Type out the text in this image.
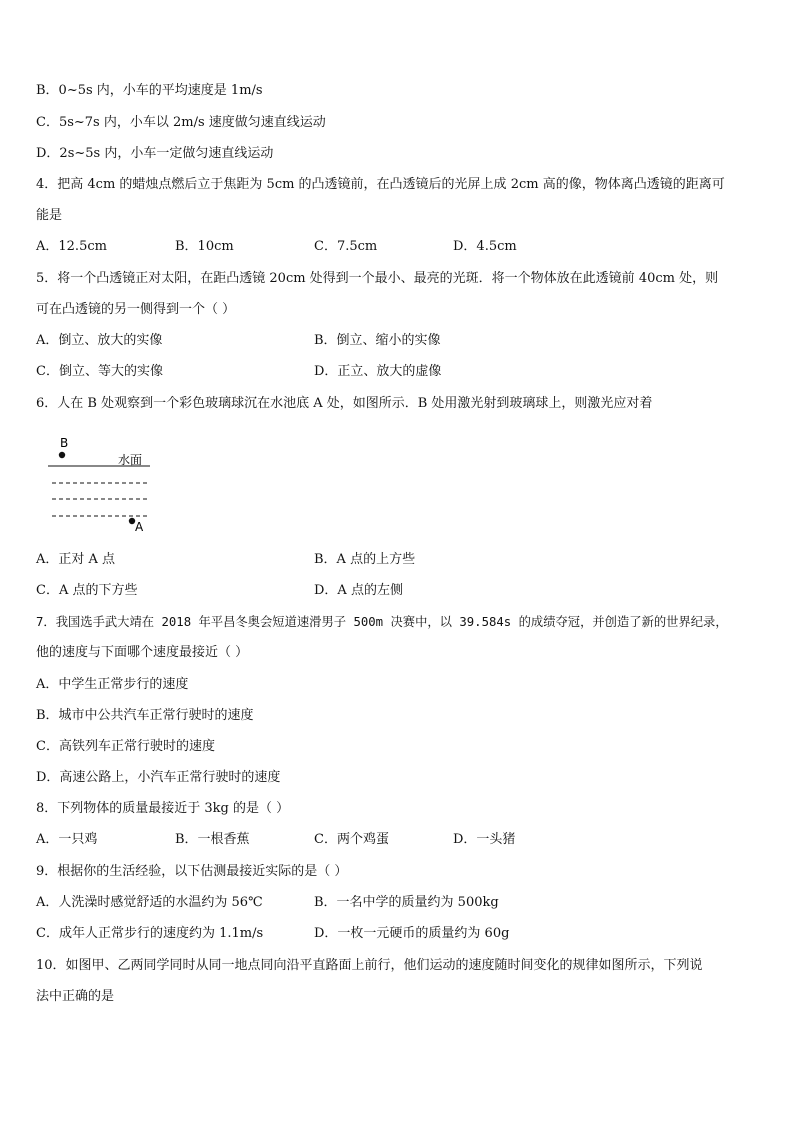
B．0~5s 内，小车的平均速度是 1m/s
C．5s~7s 内，小车以 2m/s 速度做匀速直线运动
D．2s~5s 内，小车一定做匀速直线运动
4．把高 4cm 的蜡烛点燃后立于焦距为 5cm 的凸透镜前，在凸透镜后的光屏上成 2cm 高的像，物体离凸透镜的距离可
能是
A．12.5cm	B．10cm	C．7.5cm	D．4.5cm
5．将一个凸透镜正对太阳，在距凸透镜 20cm 处得到一个最小、最亮的光斑．将一个物体放在此透镜前 40cm 处，则
可在凸透镜的另一侧得到一个（ ）
A．倒立、放大的实像	B．倒立、缩小的实像
C．倒立、等大的实像	D．正立、放大的虚像
6．人在 B 处观察到一个彩色玻璃球沉在水池底 A 处，如图所示．B 处用激光射到玻璃球上，则激光应对着
B
水面
A
A．正对 A 点	B．A 点的上方些
C．A 点的下方些	D．A 点的左侧
7．我国选手武大靖在 2018 年平昌冬奥会短道速滑男子 500m 决赛中，以 39.584s 的成绩夺冠，并创造了新的世界纪录，
他的速度与下面哪个速度最接近（ ）
A．中学生正常步行的速度
B．城市中公共汽车正常行驶时的速度
C．高铁列车正常行驶时的速度
D．高速公路上，小汽车正常行驶时的速度
8．下列物体的质量最接近于 3kg 的是（ ）
A．一只鸡	B．一根香蕉	C．两个鸡蛋	D．一头猪
9．根据你的生活经验，以下估测最接近实际的是（ ）
A．人洗澡时感觉舒适的水温约为 56℃	B．一名中学的质量约为 500kg
C．成年人正常步行的速度约为 1.1m/s	D．一枚一元硬币的质量约为 60g
10．如图甲、乙两同学同时从同一地点同向沿平直路面上前行，他们运动的速度随时间变化的规律如图所示，下列说
法中正确的是
